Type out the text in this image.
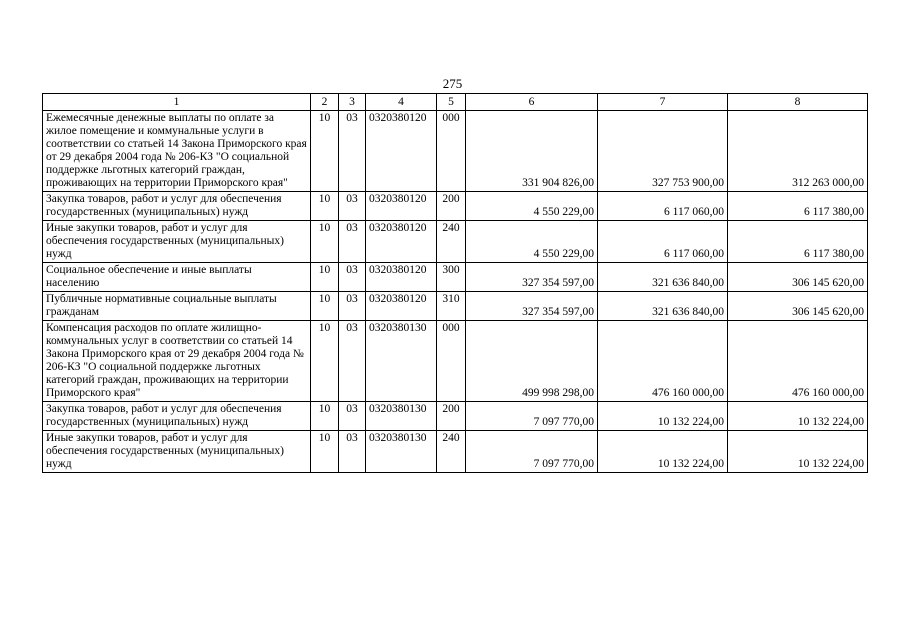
275
1	2	3	4	5	6	7	8
Ежемесячные денежные выплаты по оплате за жилое помещение и коммунальные услуги в соответствии со статьей 14 Закона Приморского края от 29 декабря 2004 года № 206-КЗ "О социальной поддержке льготных категорий граждан, проживающих на территории Приморского края"	10	03	0320380120	000	331 904 826,00	327 753 900,00	312 263 000,00
Закупка товаров, работ и услуг для обеспечения государственных (муниципальных) нужд	10	03	0320380120	200	4 550 229,00	6 117 060,00	6 117 380,00
Иные закупки товаров, работ и услуг для обеспечения государственных (муниципальных) нужд	10	03	0320380120	240	4 550 229,00	6 117 060,00	6 117 380,00
Социальное обеспечение и иные выплаты населению	10	03	0320380120	300	327 354 597,00	321 636 840,00	306 145 620,00
Публичные нормативные социальные выплаты гражданам	10	03	0320380120	310	327 354 597,00	321 636 840,00	306 145 620,00
Компенсация расходов по оплате жилищно-коммунальных услуг в соответствии со статьей 14 Закона Приморского края от 29 декабря 2004 года № 206-КЗ "О социальной поддержке льготных категорий граждан, проживающих на территории Приморского края"	10	03	0320380130	000	499 998 298,00	476 160 000,00	476 160 000,00
Закупка товаров, работ и услуг для обеспечения государственных (муниципальных) нужд	10	03	0320380130	200	7 097 770,00	10 132 224,00	10 132 224,00
Иные закупки товаров, работ и услуг для обеспечения государственных (муниципальных) нужд	10	03	0320380130	240	7 097 770,00	10 132 224,00	10 132 224,00
